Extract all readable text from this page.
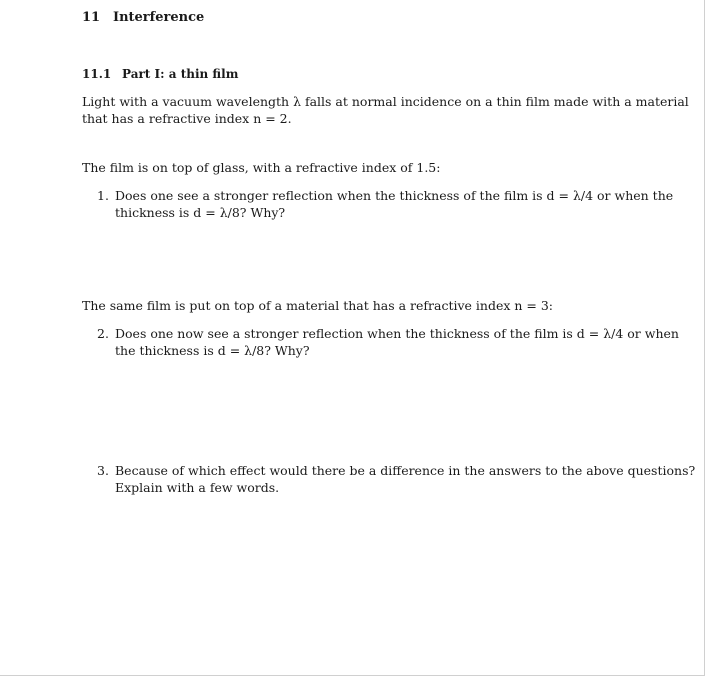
11 Interference
11.1 Part I: a thin film
Light with a vacuum wavelength λ falls at normal incidence on a thin film made with a material
that has a refractive index n = 2.
The film is on top of glass, with a refractive index of 1.5:
1. Does one see a stronger reflection when the thickness of the film is d = λ/4 or when the
thickness is d = λ/8? Why?
The same film is put on top of a material that has a refractive index n = 3:
2. Does one now see a stronger reflection when the thickness of the film is d = λ/4 or when
the thickness is d = λ/8? Why?
3. Because of which effect would there be a difference in the answers to the above questions?
Explain with a few words.
